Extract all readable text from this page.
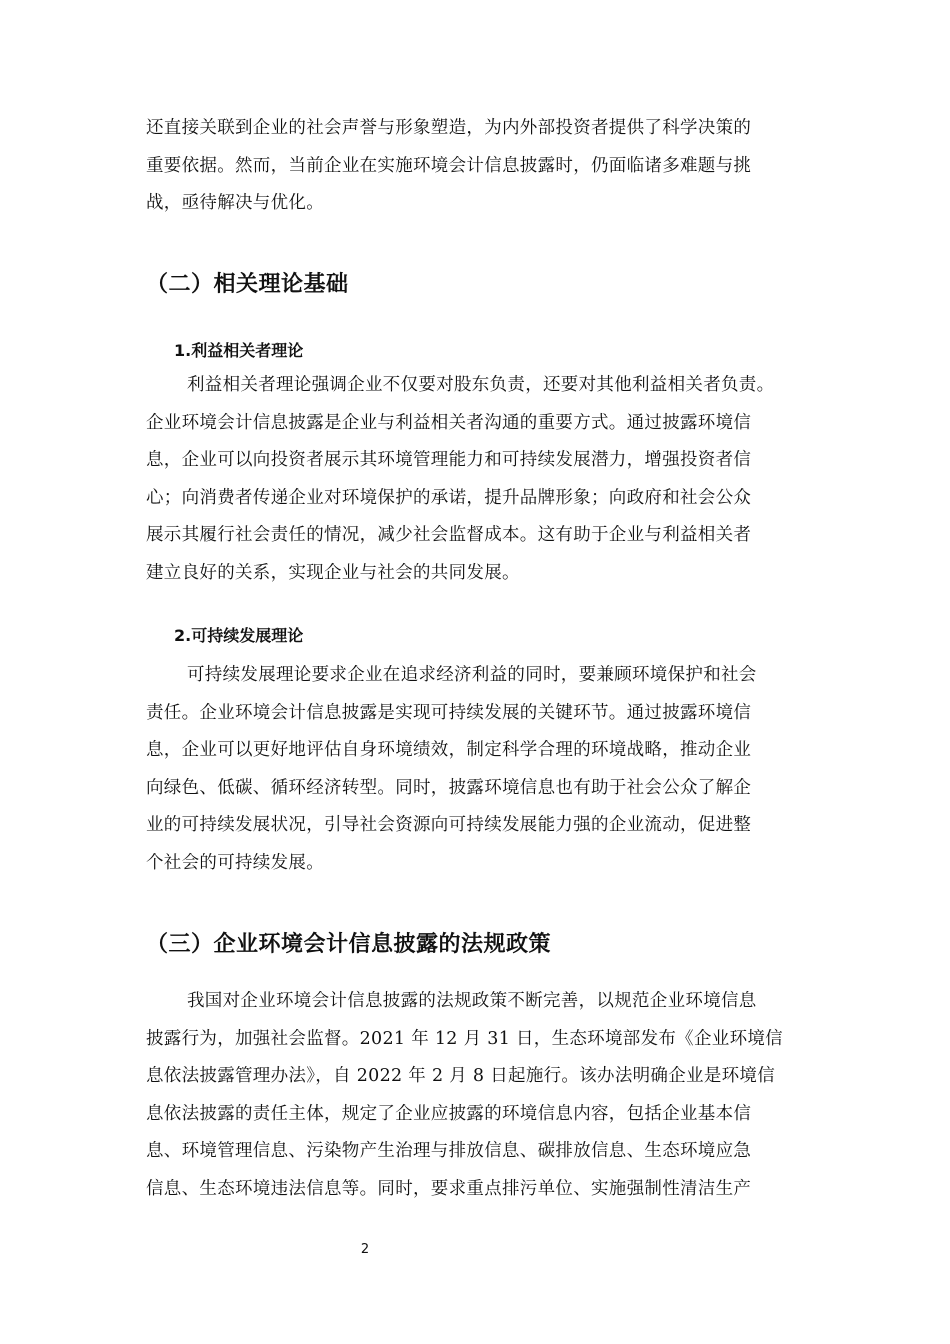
还直接关联到企业的社会声誉与形象塑造，为内外部投资者提供了科学决策的
重要依据。然而，当前企业在实施环境会计信息披露时，仍面临诸多难题与挑
战，亟待解决与优化。
（二）相关理论基础
1.利益相关者理论
利益相关者理论强调企业不仅要对股东负责，还要对其他利益相关者负责。
企业环境会计信息披露是企业与利益相关者沟通的重要方式。通过披露环境信
息，企业可以向投资者展示其环境管理能力和可持续发展潜力，增强投资者信
心；向消费者传递企业对环境保护的承诺，提升品牌形象；向政府和社会公众
展示其履行社会责任的情况，减少社会监督成本。这有助于企业与利益相关者
建立良好的关系，实现企业与社会的共同发展。
2.可持续发展理论
可持续发展理论要求企业在追求经济利益的同时，要兼顾环境保护和社会
责任。企业环境会计信息披露是实现可持续发展的关键环节。通过披露环境信
息，企业可以更好地评估自身环境绩效，制定科学合理的环境战略，推动企业
向绿色、低碳、循环经济转型。同时，披露环境信息也有助于社会公众了解企
业的可持续发展状况，引导社会资源向可持续发展能力强的企业流动，促进整
个社会的可持续发展。
（三）企业环境会计信息披露的法规政策
我国对企业环境会计信息披露的法规政策不断完善，以规范企业环境信息
披露行为，加强社会监督。2021 年 12 月 31 日，生态环境部发布《企业环境信
息依法披露管理办法》，自 2022 年 2 月 8 日起施行。该办法明确企业是环境信
息依法披露的责任主体，规定了企业应披露的环境信息内容，包括企业基本信
息、环境管理信息、污染物产生治理与排放信息、碳排放信息、生态环境应急
信息、生态环境违法信息等。同时，要求重点排污单位、实施强制性清洁生产
2
